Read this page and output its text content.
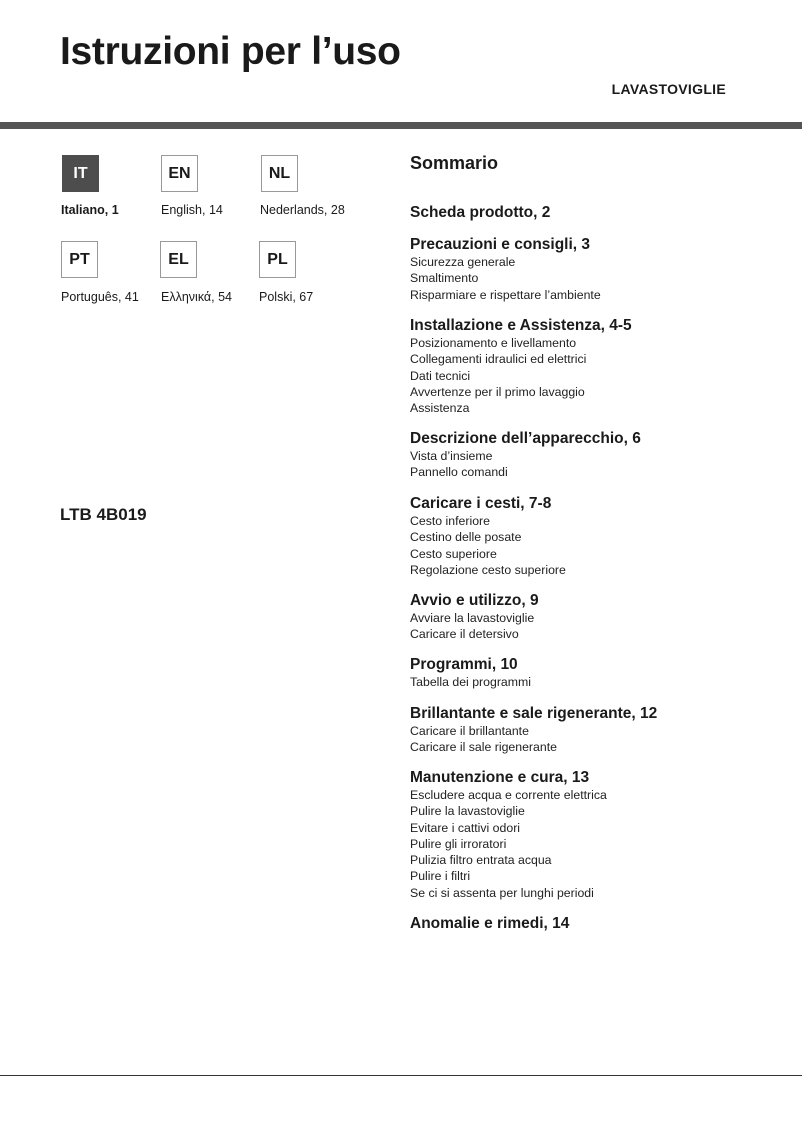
Istruzioni per l’uso
LAVASTOVIGLIE
IT
Italiano, 1
EN
English, 14
NL
Nederlands, 28
PT
Português, 41
EL
Ελληνικά, 54
PL
Polski, 67
LTB 4B019
Sommario
Scheda prodotto, 2
Precauzioni e consigli, 3
Sicurezza generale
Smaltimento
Risparmiare e rispettare l’ambiente
Installazione e Assistenza, 4-5
Posizionamento e livellamento
Collegamenti idraulici ed elettrici
Dati tecnici
Avvertenze per il primo lavaggio
Assistenza
Descrizione dell’apparecchio, 6
Vista d’insieme
Pannello comandi
Caricare i cesti, 7-8
Cesto inferiore
Cestino delle posate
Cesto superiore
Regolazione cesto superiore
Avvio e utilizzo, 9
Avviare la lavastoviglie
Caricare il detersivo
Programmi, 10
Tabella dei programmi
Brillantante e sale rigenerante, 12
Caricare il brillantante
Caricare il sale rigenerante
Manutenzione e cura, 13
Escludere acqua e corrente elettrica
Pulire la lavastoviglie
Evitare i cattivi odori
Pulire gli irroratori
Pulizia filtro entrata acqua
Pulire i filtri
Se ci si assenta per lunghi periodi
Anomalie e rimedi, 14
